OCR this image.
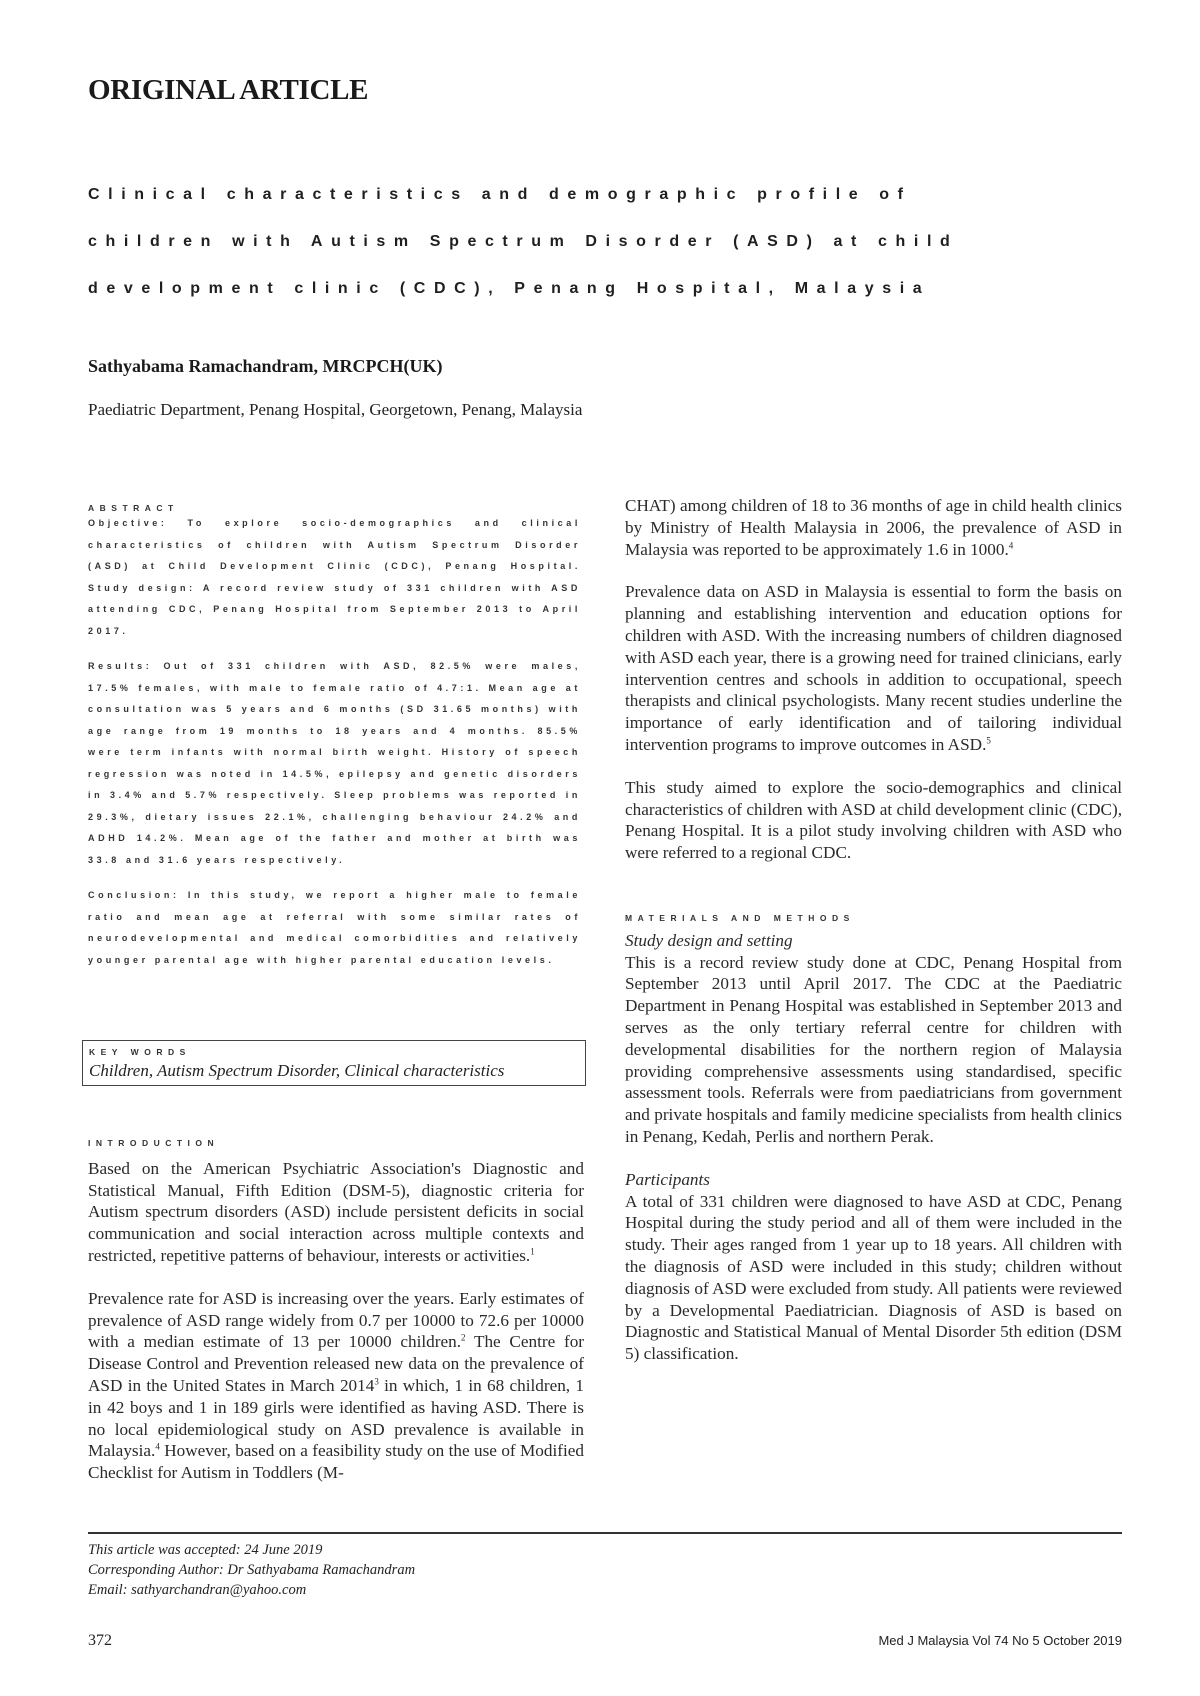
ORIGINAL ARTICLE
Clinical characteristics and demographic profile of
children with Autism Spectrum Disorder (ASD) at child
development clinic (CDC), Penang Hospital, Malaysia
Sathyabama Ramachandram, MRCPCH(UK)
Paediatric Department, Penang Hospital, Georgetown, Penang, Malaysia
ABSTRACT

Objective: To explore socio-demographics and clinical characteristics of children with Autism Spectrum Disorder (ASD) at Child Development Clinic (CDC), Penang Hospital. Study design: A record review study of 331 children with ASD attending CDC, Penang Hospital from September 2013 to April 2017.

Results: Out of 331 children with ASD, 82.5% were males, 17.5% females, with male to female ratio of 4.7:1. Mean age at consultation was 5 years and 6 months (SD 31.65 months) with age range from 19 months to 18 years and 4 months. 85.5% were term infants with normal birth weight. History of speech regression was noted in 14.5%, epilepsy and genetic disorders in 3.4% and 5.7% respectively. Sleep problems was reported in 29.3%, dietary issues 22.1%, challenging behaviour 24.2% and ADHD 14.2%. Mean age of the father and mother at birth was 33.8 and 31.6 years respectively.

Conclusion: In this study, we report a higher male to female ratio and mean age at referral with some similar rates of neurodevelopmental and medical comorbidities and relatively younger parental age with higher parental education levels.

KEY WORDS
Children, Autism Spectrum Disorder, Clinical characteristics
INTRODUCTION

Based on the American Psychiatric Association's Diagnostic and Statistical Manual, Fifth Edition (DSM-5), diagnostic criteria for Autism spectrum disorders (ASD) include persistent deficits in social communication and social interaction across multiple contexts and restricted, repetitive patterns of behaviour, interests or activities.$^1$

Prevalence rate for ASD is increasing over the years. Early estimates of prevalence of ASD range widely from 0.7 per 10000 to 72.6 per 10000 with a median estimate of 13 per 10000 children.$^2$ The Centre for Disease Control and Prevention released new data on the prevalence of ASD in the United States in March 2014$^3$ in which, 1 in 68 children, 1 in 42 boys and 1 in 189 girls were identified as having ASD. There is no local epidemiological study on ASD prevalence is available in Malaysia.$^4$ However, based on a feasibility study on the use of Modified Checklist for Autism in Toddlers (M-

CHAT) among children of 18 to 36 months of age in child health clinics by Ministry of Health Malaysia in 2006, the prevalence of ASD in Malaysia was reported to be approximately 1.6 in 1000.$^4$

Prevalence data on ASD in Malaysia is essential to form the basis on planning and establishing intervention and education options for children with ASD. With the increasing numbers of children diagnosed with ASD each year, there is a growing need for trained clinicians, early intervention centres and schools in addition to occupational, speech therapists and clinical psychologists. Many recent studies underline the importance of early identification and of tailoring individual intervention programs to improve outcomes in ASD.$^5$

This study aimed to explore the socio-demographics and clinical characteristics of children with ASD at child development clinic (CDC), Penang Hospital. It is a pilot study involving children with ASD who were referred to a regional CDC.

MATERIALS AND METHODS
Study design and setting

This is a record review study done at CDC, Penang Hospital from September 2013 until April 2017. The CDC at the Paediatric Department in Penang Hospital was established in September 2013 and serves as the only tertiary referral centre for children with developmental disabilities for the northern region of Malaysia providing comprehensive assessments using standardised, specific assessment tools. Referrals were from paediatricians from government and private hospitals and family medicine specialists from health clinics in Penang, Kedah, Perlis and northern Perak.

Participants

A total of 331 children were diagnosed to have ASD at CDC, Penang Hospital during the study period and all of them were included in the study. Their ages ranged from 1 year up to 18 years. All children with the diagnosis of ASD were included in this study; children without diagnosis of ASD were excluded from study. All patients were reviewed by a Developmental Paediatrician. Diagnosis of ASD is based on Diagnostic and Statistical Manual of Mental Disorder 5th edition (DSM 5) classification.

This article was accepted: 24 June 2019
Corresponding Author: Dr Sathyabama Ramachandram
Email: sathyarchandran@yahoo.com
372	Med J Malaysia Vol 74 No 5 October 2019
